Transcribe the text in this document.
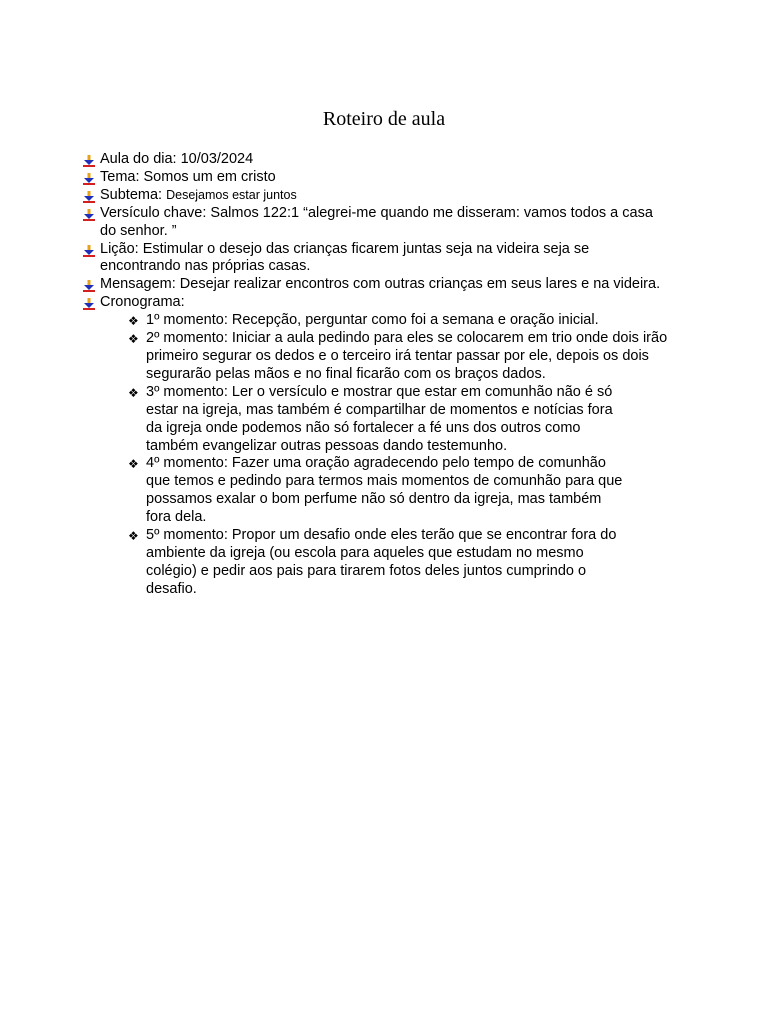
Roteiro de aula
Aula do dia: 10/03/2024
Tema: Somos um em cristo
Subtema: Desejamos estar juntos
Versículo chave: Salmos 122:1 “alegrei-me quando me disseram: vamos todos a casa
do senhor. ”
Lição: Estimular o desejo das crianças ficarem juntas seja na videira seja se
encontrando nas próprias casas.
Mensagem: Desejar realizar encontros com outras crianças em seus lares e na videira.
Cronograma:
❖ 1º momento: Recepção, perguntar como foi a semana e oração inicial.
❖ 2º momento: Iniciar a aula pedindo para eles se colocarem em trio onde dois irão
primeiro segurar os dedos e o terceiro irá tentar passar por ele, depois os dois
segurarão pelas mãos e no final ficarão com os braços dados.
❖ 3º momento: Ler o versículo e mostrar que estar em comunhão não é só
estar na igreja, mas também é compartilhar de momentos e notícias fora
da igreja onde podemos não só fortalecer a fé uns dos outros como
também evangelizar outras pessoas dando testemunho.
❖ 4º momento: Fazer uma oração agradecendo pelo tempo de comunhão
que temos e pedindo para termos mais momentos de comunhão para que
possamos exalar o bom perfume não só dentro da igreja, mas também
fora dela.
❖ 5º momento: Propor um desafio onde eles terão que se encontrar fora do
ambiente da igreja (ou escola para aqueles que estudam no mesmo
colégio) e pedir aos pais para tirarem fotos deles juntos cumprindo o
desafio.
